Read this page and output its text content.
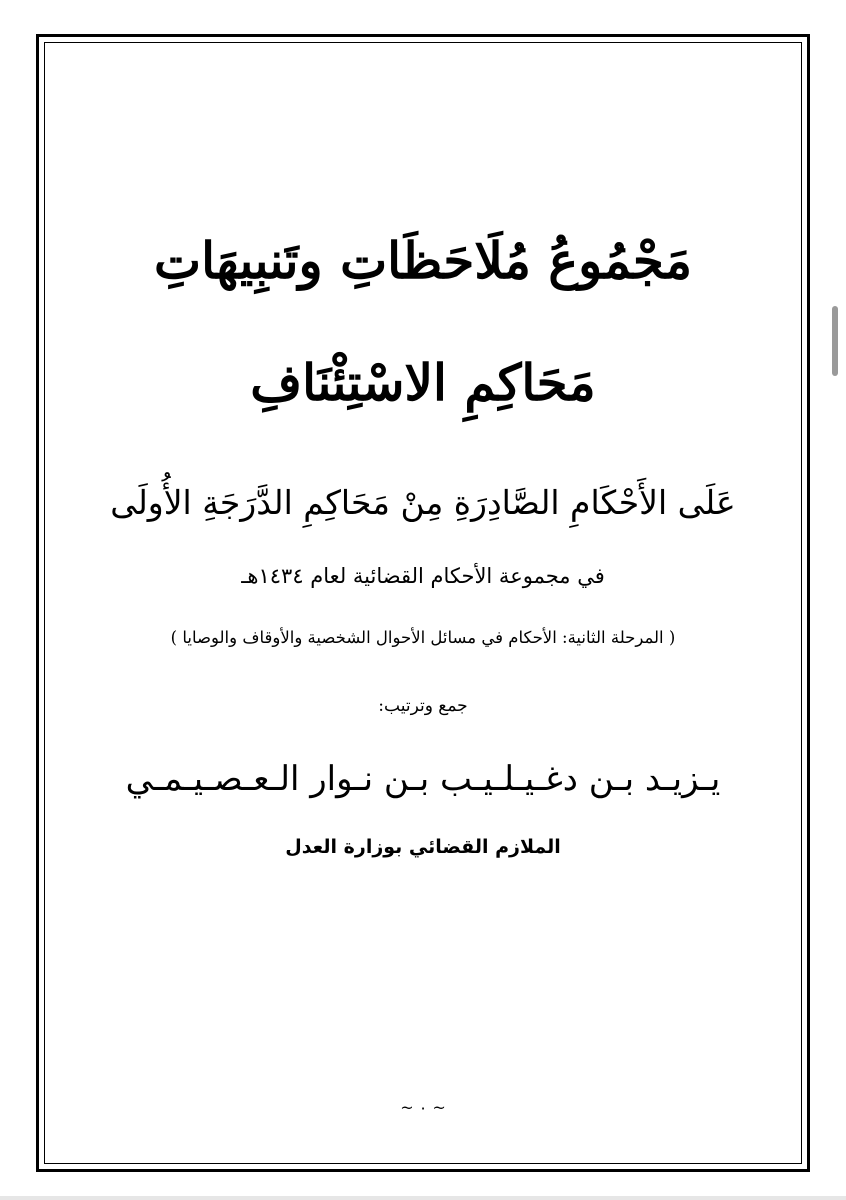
مَجْمُوعُ مُلَاحَظَاتِ وتَنبِيهَاتِ
مَحَاكِمِ الاسْتِئْنَافِ
عَلَى الأَحْكَامِ الصَّادِرَةِ مِنْ مَحَاكِمِ الدَّرَجَةِ الأُولَى
في مجموعة الأحكام القضائية لعام ١٤٣٤هـ
( المرحلة الثانية: الأحكام في مسائل الأحوال الشخصية والأوقاف والوصايا )
جمع وترتيب:
يـزيـد بـن دغـيـلـيـب بـن نـوار الـعـصـيـمـي
الملازم القضائي بوزارة العدل
~ ٠ ~
